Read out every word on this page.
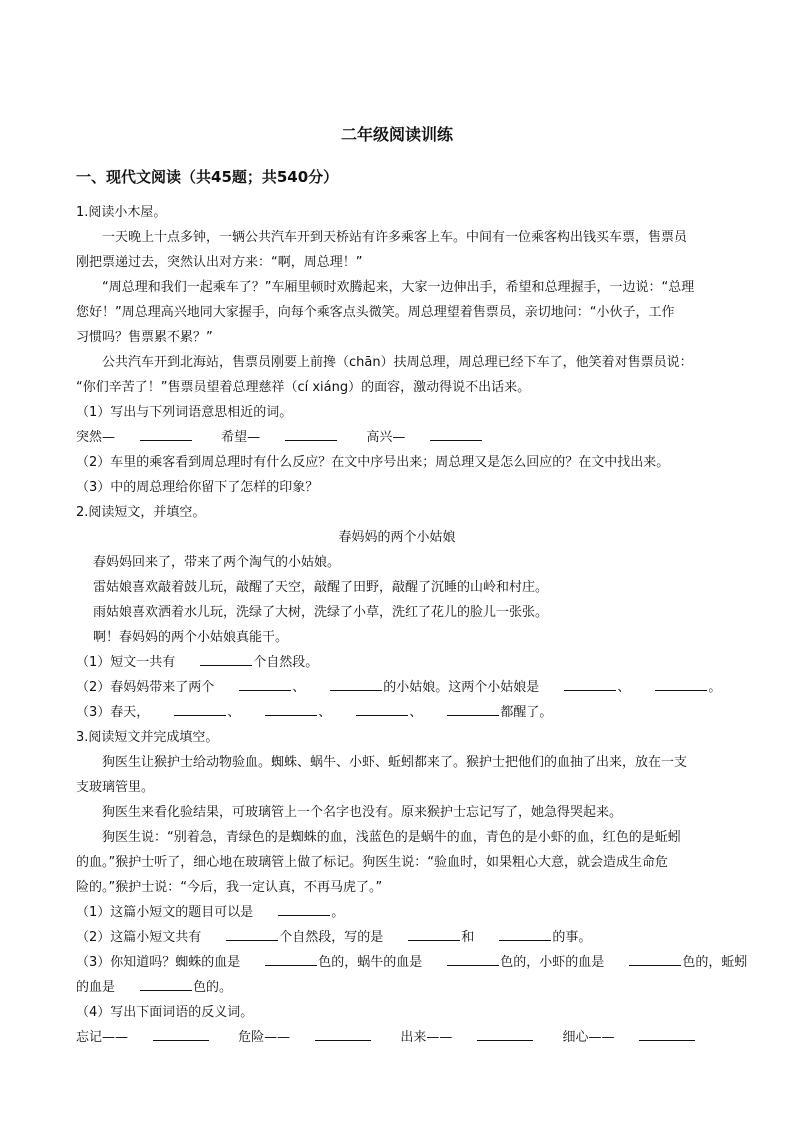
二年级阅读训练
一、现代文阅读（共45题；共540分）
1.阅读小木屋。
一天晚上十点多钟，一辆公共汽车开到天桥站有许多乘客上车。中间有一位乘客构出钱买车票，售票员
刚把票递过去，突然认出对方来：“啊，周总理！”
“周总理和我们一起乘车了？”车厢里顿时欢腾起来，大家一边伸出手，希望和总理握手，一边说：“总理
您好！”周总理高兴地同大家握手，向每个乘客点头微笑。周总理望着售票员，亲切地问：“小伙子，工作
习惯吗？售票累不累？”
公共汽车开到北海站，售票员刚要上前搀（chān）扶周总理，周总理已经下车了，他笑着对售票员说：
“你们辛苦了！”售票员望着总理慈祥（cí xiáng）的面容，激动得说不出话来。
（1）写出与下列词语意思相近的词。
突然—	希望—	高兴—
（2）车里的乘客看到周总理时有什么反应？在文中序号出来；周总理又是怎么回应的？在文中找出来。
（3）中的周总理给你留下了怎样的印象？
2.阅读短文，并填空。
春妈妈的两个小姑娘
春妈妈回来了，带来了两个淘气的小姑娘。
雷姑娘喜欢敲着鼓儿玩，敲醒了天空，敲醒了田野，敲醒了沉睡的山岭和村庄。
雨姑娘喜欢洒着水儿玩，洗绿了大树，洗绿了小草，洗红了花儿的脸儿一张张。
啊！春妈妈的两个小姑娘真能干。
（1）短文一共有	个自然段。
（2）春妈妈带来了两个	、	的小姑娘。这两个小姑娘是	、	。
（3）春天，	、	、	、	都醒了。
3.阅读短文并完成填空。
狗医生让猴护士给动物验血。蜘蛛、蜗牛、小虾、蚯蚓都来了。猴护士把他们的血抽了出来，放在一支
支玻璃管里。
狗医生来看化验结果，可玻璃管上一个名字也没有。原来猴护士忘记写了，她急得哭起来。
狗医生说：“别着急，青绿色的是蜘蛛的血，浅蓝色的是蜗牛的血，青色的是小虾的血，红色的是蚯蚓
的血。”猴护士听了，细心地在玻璃管上做了标记。狗医生说：“验血时，如果粗心大意，就会造成生命危
险的。”猴护士说：“今后，我一定认真，不再马虎了。”
（1）这篇小短文的题目可以是	。
（2）这篇小短文共有	个自然段，写的是	和	的事。
（3）你知道吗？蜘蛛的血是	色的，蜗牛的血是	色的，小虾的血是	色的，蚯蚓
的血是	色的。
（4）写出下面词语的反义词。
忘记——	危险——	出来——	细心——
